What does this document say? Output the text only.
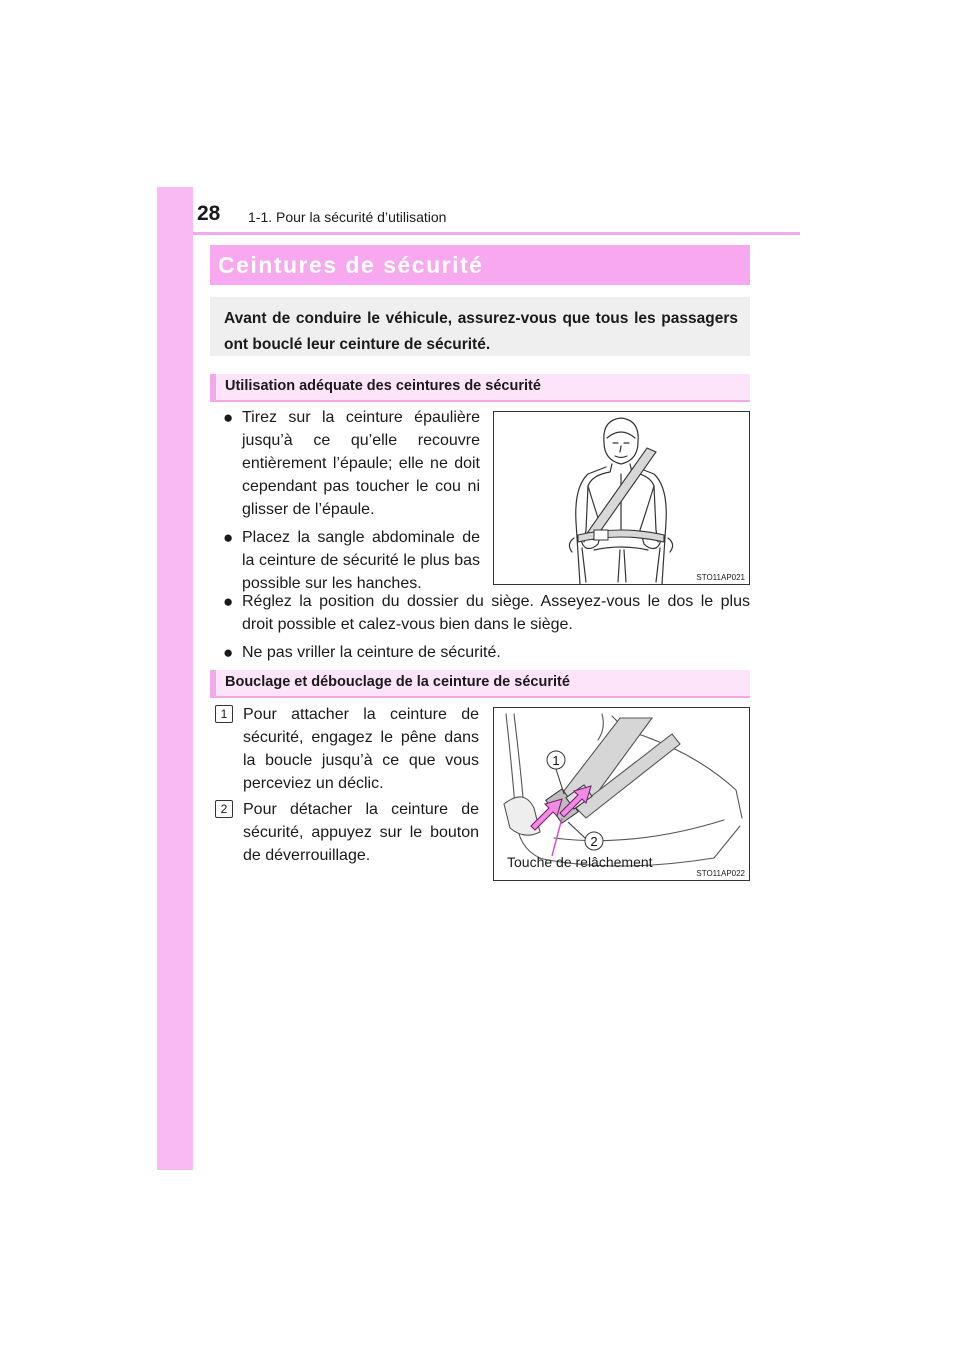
28 1-1. Pour la sécurité d’utilisation
Ceintures de sécurité

Avant de conduire le véhicule, assurez-vous que tous les passagers ont bouclé leur ceinture de sécurité.

Utilisation adéquate des ceintures de sécurité
● Tirez sur la ceinture épaulière jusqu’à ce qu’elle recouvre entièrement l’épaule; elle ne doit cependant pas toucher le cou ni glisser de l’épaule.
● Placez la sangle abdominale de la ceinture de sécurité le plus bas possible sur les hanches.	STO11AP021
● Réglez la position du dossier du siège. Asseyez-vous le dos le plus droit possible et calez-vous bien dans le siège.
● Ne pas vriller la ceinture de sécurité.
Bouclage et débouclage de la ceinture de sécurité
1 Pour attacher la ceinture de sécurité, engagez le pêne dans la boucle jusqu’à ce que vous perceviez un déclic.
2 Pour détacher la ceinture de sécurité, appuyez sur le bouton de déverrouillage.
1
2
Touche de relâchement
STO11AP022
